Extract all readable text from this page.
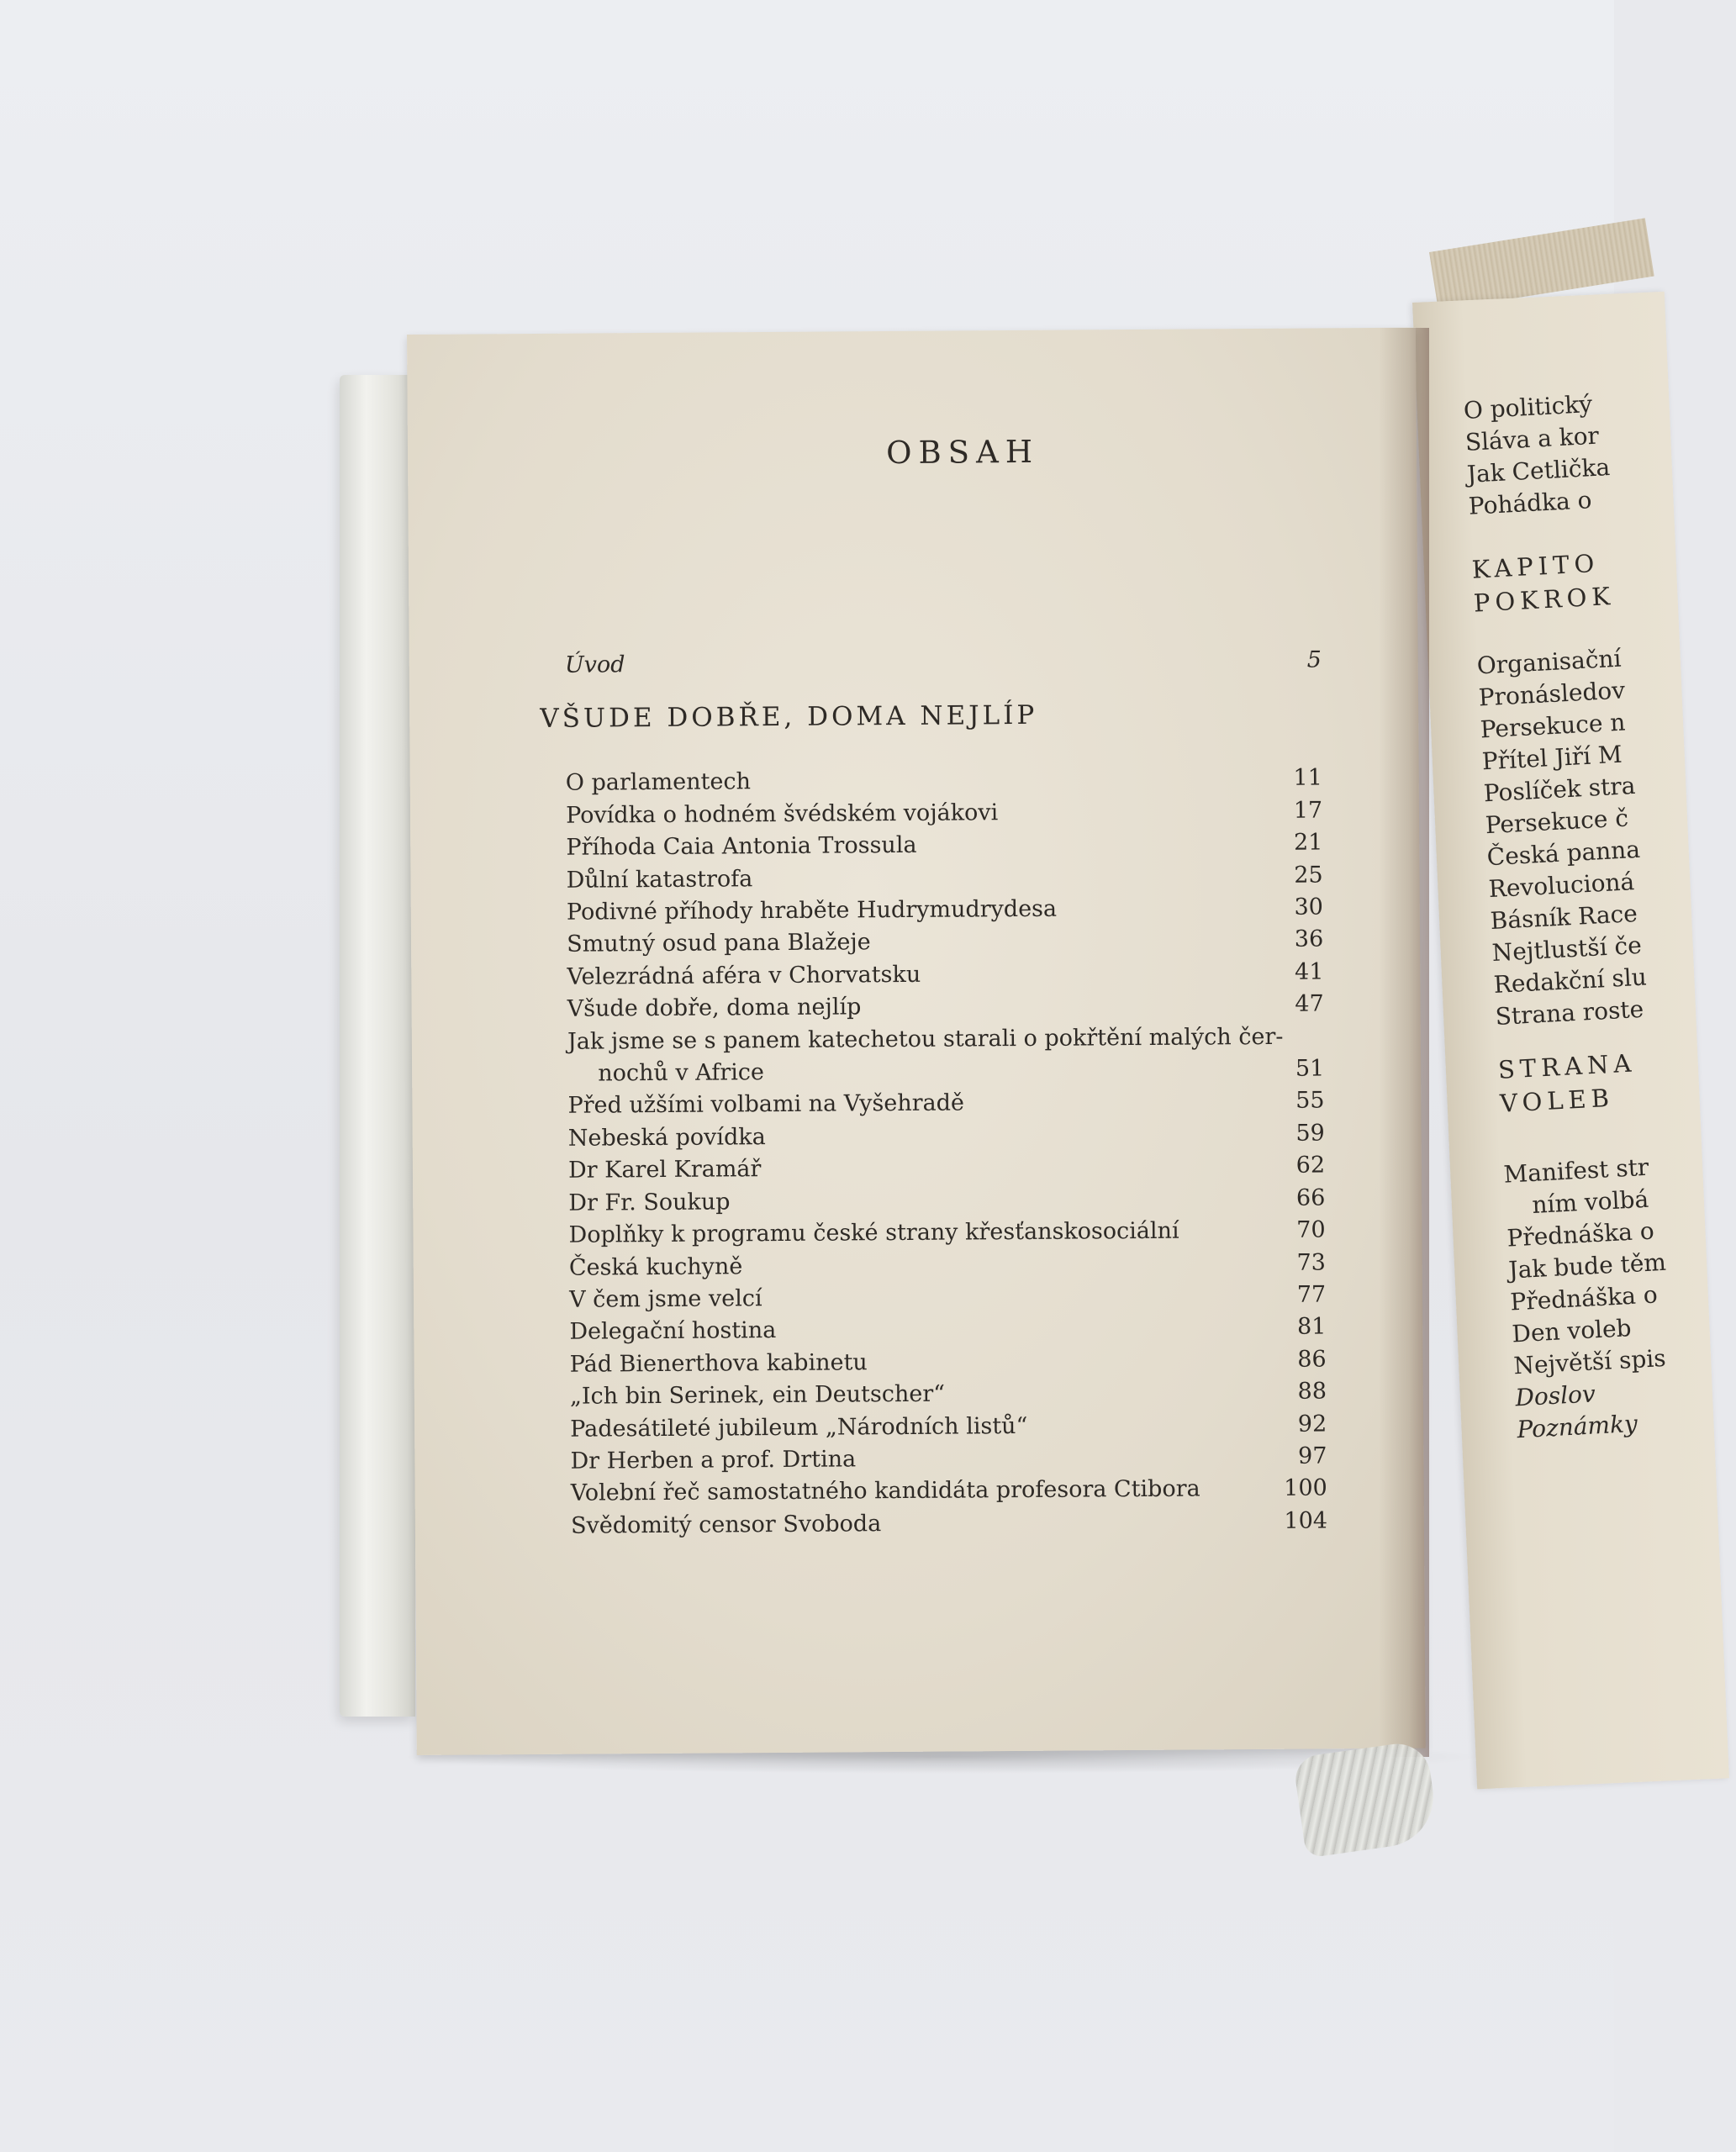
OBSAH
Úvod	5
VŠUDE DOBŘE, DOMA NEJLÍP
O parlamentech	11
Povídka o hodném švédském vojákovi	17
Příhoda Caia Antonia Trossula	21
Důlní katastrofa	25
Podivné příhody hraběte Hudrymudrydesa	30
Smutný osud pana Blažeje	36
Velezrádná aféra v Chorvatsku	41
Všude dobře, doma nejlíp	47
Jak jsme se s panem katechetou starali o pokřtění malých čer-
nochů v Africe	51
Před užšími volbami na Vyšehradě	55
Nebeská povídka	59
Dr Karel Kramář	62
Dr Fr. Soukup	66
Doplňky k programu české strany křesťanskosociální	70
Česká kuchyně	73
V čem jsme velcí	77
Delegační hostina	81
Pád Bienerthova kabinetu	86
„Ich bin Serinek, ein Deutscher“	88
Padesátileté jubileum „Národních listů“	92
Dr Herben a prof. Drtina	97
Volební řeč samostatného kandidáta profesora Ctibora	100
Svědomitý censor Svoboda	104
O politický
Sláva a kor
Jak Cetlička
Pohádka o
KAPITO
POKROK
Organisační
Pronásledov
Persekuce n
Přítel Jiří M
Poslíček stra
Persekuce č
Česká panna
Revolucioná
Básník Race
Nejtlustší če
Redakční slu
Strana roste
STRANA
VOLEB
Manifest str
ním volbá
Přednáška o
Jak bude těm
Přednáška o
Den voleb
Největší spis
Doslov
Poznámky
